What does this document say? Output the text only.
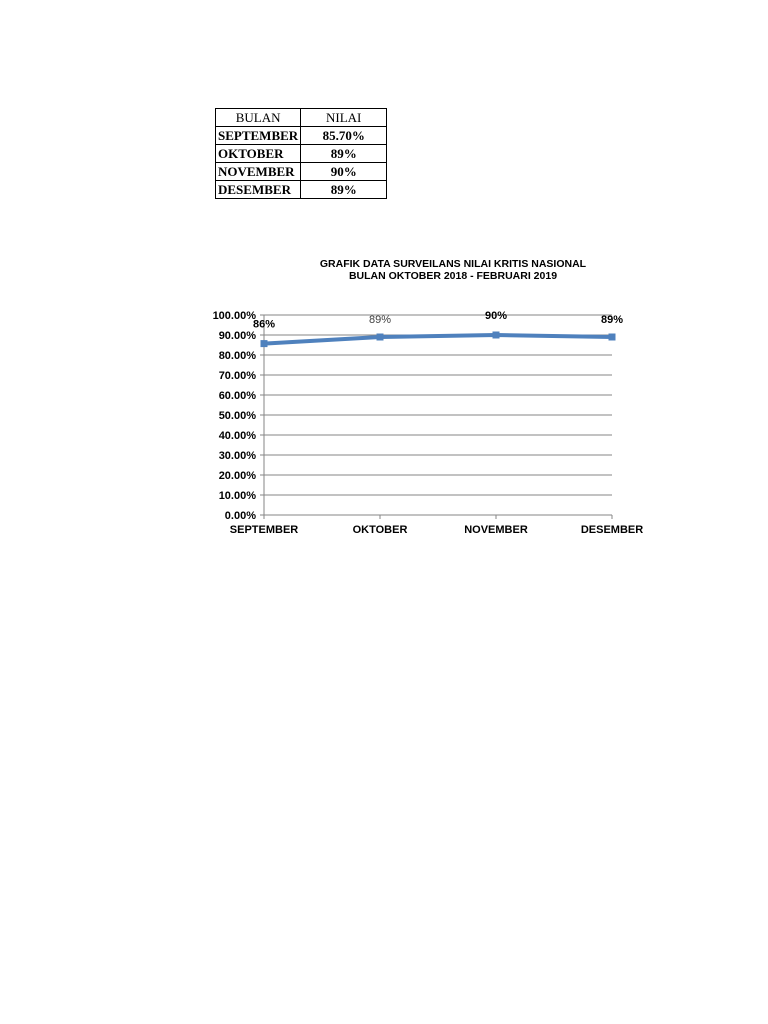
BULAN	NILAI
SEPTEMBER	85.70%
OKTOBER	89%
NOVEMBER	90%
DESEMBER	89%
GRAFIK DATA SURVEILANS NILAI KRITIS NASIONAL
BULAN OKTOBER 2018 - FEBRUARI 2019
0.00%
10.00%
20.00%
30.00%
40.00%
50.00%
60.00%
70.00%
80.00%
90.00%
100.00%
SEPTEMBER	OKTOBER	NOVEMBER	DESEMBER
86%	89%	90%	89%
